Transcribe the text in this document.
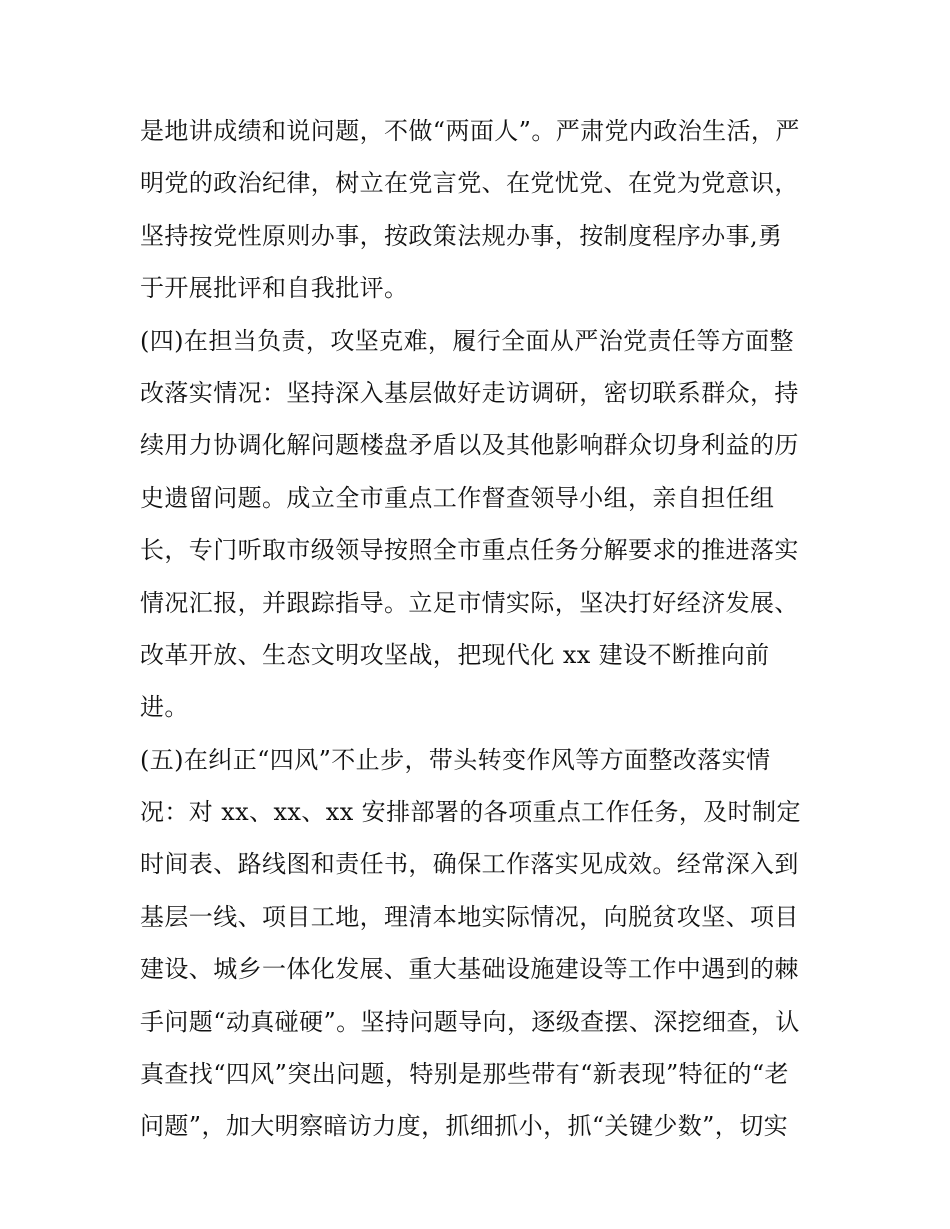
是地讲成绩和说问题，不做“两面人”。严肃党内政治生活，严
明党的政治纪律，树立在党言党、在党忧党、在党为党意识，
坚持按党性原则办事，按政策法规办事，按制度程序办事,勇
于开展批评和自我批评。
(四)在担当负责，攻坚克难，履行全面从严治党责任等方面整
改落实情况：坚持深入基层做好走访调研，密切联系群众，持
续用力协调化解问题楼盘矛盾以及其他影响群众切身利益的历
史遗留问题。成立全市重点工作督查领导小组，亲自担任组
长，专门听取市级领导按照全市重点任务分解要求的推进落实
情况汇报，并跟踪指导。立足市情实际，坚决打好经济发展、
改革开放、生态文明攻坚战，把现代化 xx 建设不断推向前
进。
(五)在纠正“四风”不止步，带头转变作风等方面整改落实情
况：对 xx、xx、xx 安排部署的各项重点工作任务，及时制定
时间表、路线图和责任书，确保工作落实见成效。经常深入到
基层一线、项目工地，理清本地实际情况，向脱贫攻坚、项目
建设、城乡一体化发展、重大基础设施建设等工作中遇到的棘
手问题“动真碰硬”。坚持问题导向，逐级查摆、深挖细查，认
真查找“四风”突出问题，特别是那些带有“新表现”特征的“老
问题”，加大明察暗访力度，抓细抓小，抓“关键少数”，切实
